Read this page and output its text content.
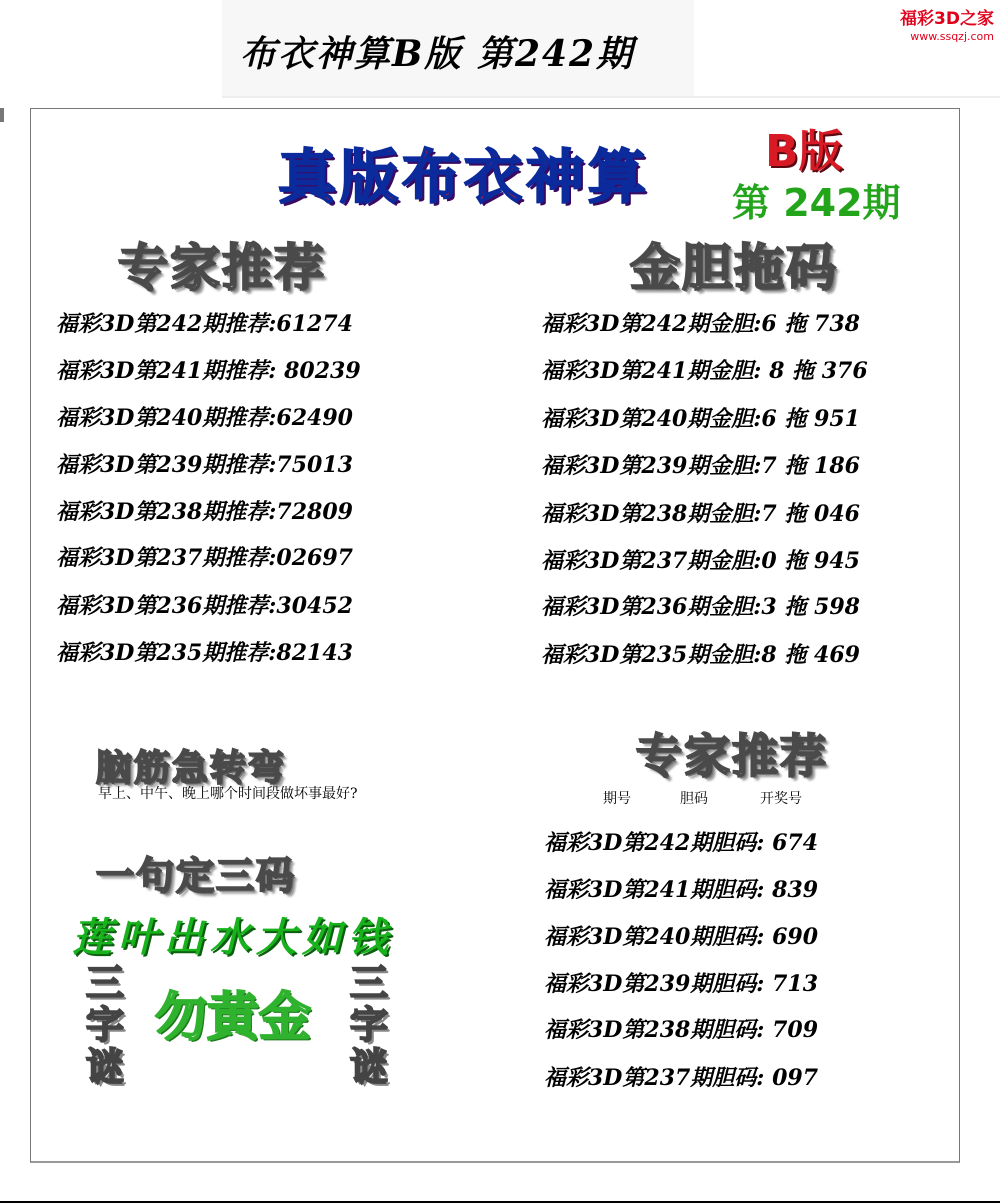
布衣神算B版 第242期
福彩3D之家
www.ssqzj.com
真版布衣神算	B版
第 242期
专家推荐
福彩3D第242期推荐:61274
福彩3D第241期推荐: 80239
福彩3D第240期推荐:62490
福彩3D第239期推荐:75013
福彩3D第238期推荐:72809
福彩3D第237期推荐:02697
福彩3D第236期推荐:30452
福彩3D第235期推荐:82143
金胆拖码
福彩3D第242期金胆:6 拖 738
福彩3D第241期金胆: 8 拖 376
福彩3D第240期金胆:6 拖 951
福彩3D第239期金胆:7 拖 186
福彩3D第238期金胆:7 拖 046
福彩3D第237期金胆:0 拖 945
福彩3D第236期金胆:3 拖 598
福彩3D第235期金胆:8 拖 469
脑筋急转弯
早上、中午、晚上哪个时间段做坏事最好?
一句定三码
莲叶出水大如钱
三
字
谜
勿黄金
三
字
谜
专家推荐
期号	胆码	开奖号
福彩3D第242期胆码: 674
福彩3D第241期胆码: 839
福彩3D第240期胆码: 690
福彩3D第239期胆码: 713
福彩3D第238期胆码: 709
福彩3D第237期胆码: 097
